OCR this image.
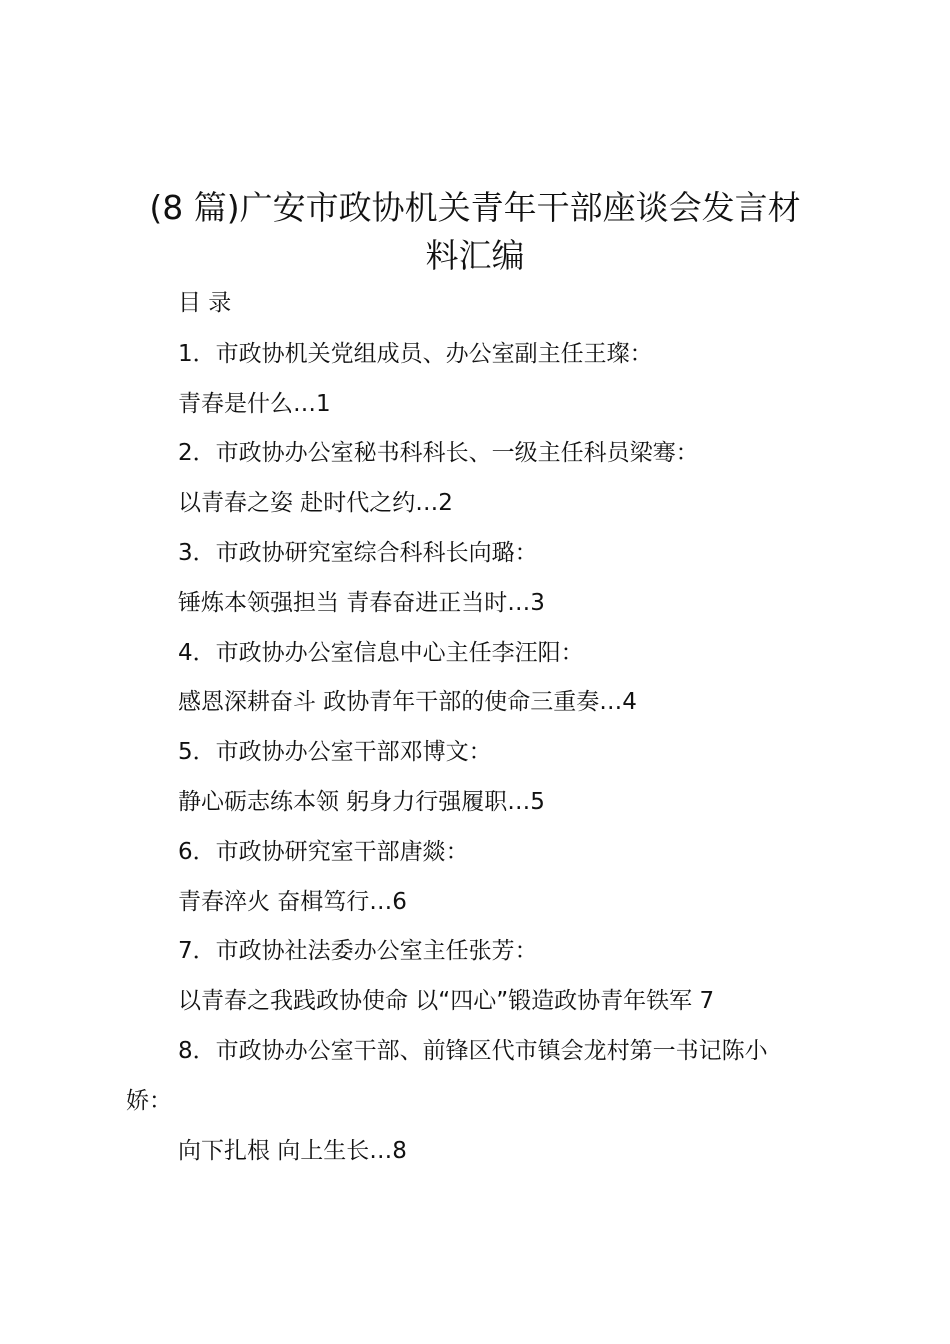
(8 篇)广安市政协机关青年干部座谈会发言材
料汇编
目 录
1．市政协机关党组成员、办公室副主任王璨：
青春是什么…1
2．市政协办公室秘书科科长、一级主任科员梁骞：
以青春之姿 赴时代之约…2
3．市政协研究室综合科科长向璐：
锤炼本领强担当 青春奋进正当时…3
4．市政协办公室信息中心主任李汪阳：
感恩深耕奋斗 政协青年干部的使命三重奏…4
5．市政协办公室干部邓博文：
静心砺志练本领 躬身力行强履职…5
6．市政协研究室干部唐燚：
青春淬火 奋楫笃行…6
7．市政协社法委办公室主任张芳：
以青春之我践政协使命 以“四心”锻造政协青年铁军 7
8．市政协办公室干部、前锋区代市镇会龙村第一书记陈小
娇：
向下扎根 向上生长…8
